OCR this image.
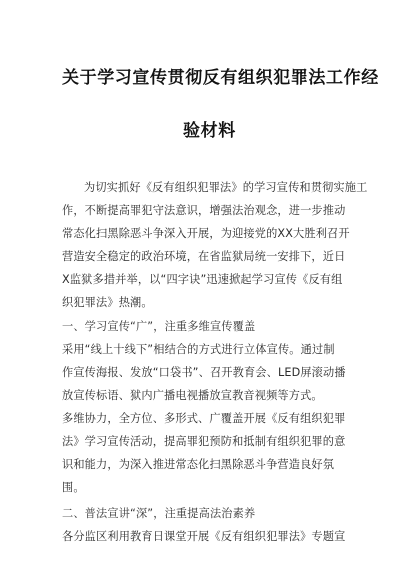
关于学习宣传贯彻反有组织犯罪法工作经
验材料
为切实抓好《反有组织犯罪法》的学习宣传和贯彻实施工
作，不断提高罪犯守法意识，增强法治观念，进一步推动
常态化扫黑除恶斗争深入开展，为迎接党的XX大胜利召开
营造安全稳定的政治环境，在省监狱局统一安排下，近日
X监狱多措并举，以“四字诀”迅速掀起学习宣传《反有组
织犯罪法》热潮。
一、学习宣传“广”，注重多维宣传覆盖
采用“线上十线下”相结合的方式进行立体宣传。通过制
作宣传海报、发放“口袋书”、召开教育会、LED屏滚动播
放宣传标语、狱内广播电视播放宣教音视频等方式。
多维协力，全方位、多形式、广覆盖开展《反有组织犯罪
法》学习宣传活动，提高罪犯预防和抵制有组织犯罪的意
识和能力，为深入推进常态化扫黑除恶斗争营造良好氛
围。
二、普法宣讲“深”，注重提高法治素养
各分监区利用教育日课堂开展《反有组织犯罪法》专题宣
